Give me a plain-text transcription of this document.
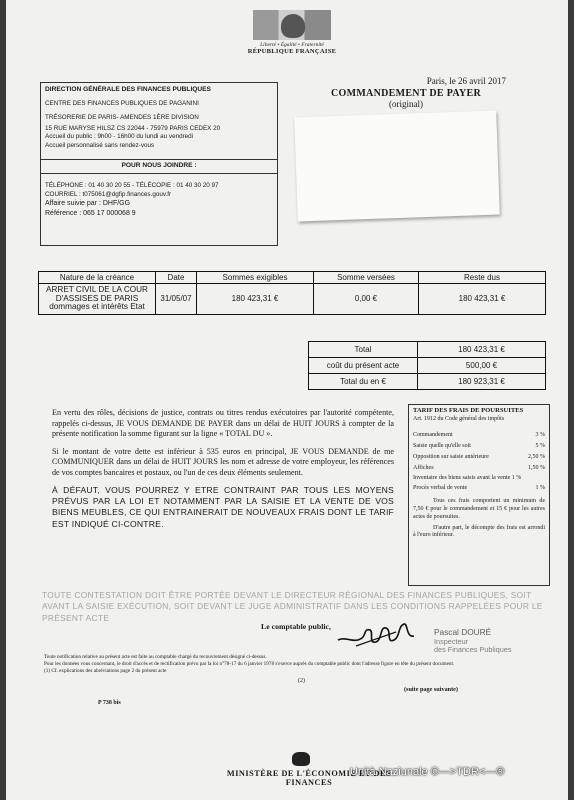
Liberté • Égalité • Fraternité
RÉPUBLIQUE FRANÇAISE
DIRECTION GÉNÉRALE DES FINANCES PUBLIQUES
CENTRE DES FINANCES PUBLIQUES DE PAGANINI
TRÉSORERIE DE PARIS- AMENDES 1ÈRE DIVISION
15 RUE MARYSE HILSZ CS 22044 - 75979 PARIS CEDEX 20
Accueil du public : 9h00 - 16h00 du lundi au vendredi
Accueil personnalisé sans rendez-vous
POUR NOUS JOINDRE :
TÉLÉPHONE : 01 40 30 20 55 - TÉLÉCOPIE : 01 40 30 20 97
COURRIEL : t075061@dgfip.finances.gouv.fr
Affaire suivie par : DHF/GG
Référence : 065 17 000068 9
Paris, le 26 avril 2017
COMMANDEMENT DE PAYER
(original)
Nature de la créance	Date	Sommes exigibles	Somme versées	Reste dus
ARRET CIVIL DE LA COUR D'ASSISES DE PARIS dommages et intérêts Etat	31/05/07	180 423,31 €	0,00 €	180 423,31 €
Total	180 423,31 €
coût du présent acte	500,00 €
Total du en €	180 923,31 €

En vertu des rôles, décisions de justice, contrats ou titres rendus exécutoires par l'autorité compétente, rappelés ci-dessus, JE VOUS DEMANDE DE PAYER dans un délai de HUIT JOURS à compter de la présente notification la somme figurant sur la ligne « TOTAL DU ».

Si le montant de votre dette est inférieur à 535 euros en principal, JE VOUS DEMANDE de me COMMUNIQUER dans un délai de HUIT JOURS les nom et adresse de votre employeur, les références de vos comptes bancaires et postaux, ou l'un de ces deux éléments seulement.

À DÉFAUT, VOUS POURREZ Y ETRE CONTRAINT PAR TOUS LES MOYENS PRÉVUS PAR LA LOI ET NOTAMMENT PAR LA SAISIE ET LA VENTE DE VOS BIENS MEUBLES, CE QUI ENTRAINERAIT DE NOUVEAUX FRAIS DONT LE TARIF EST INDIQUÉ CI-CONTRE.

TARIF DES FRAIS DE POURSUITES
Art. 1912 du Code général des impôts
Commandement	3 %
Saisie quelle qu'elle soit	5 %
Opposition sur saisie antérieure	2,50 %
Affiches	1,50 %
Inventaire des biens saisis avant la vente 1 %
Procès verbal de vente	1 %
Tous ces frais comportent un minimum de 7,50 € pour le commandement et 15 € pour les autres actes de poursuites.
D'autre part, le décompte des frais est arrondi à l'euro inférieur.
TOUTE CONTESTATION DOIT ÊTRE PORTÉE DEVANT LE DIRECTEUR RÉGIONAL DES FINANCES PUBLIQUES, SOIT AVANT LA SAISIE EXÉCUTION, SOIT DEVANT LE JUGE ADMINISTRATIF DANS LES CONDITIONS RAPPELÉES POUR LE PRÉSENT ACTE
Le comptable public,
Pascal DOURÉ
Inspecteur
des Finances Publiques
Toute notification relative au présent acte est faite au comptable chargé du recouvrement désigné ci-dessus.
Pour les données vous concernant, le droit d'accès et de rectification prévu par la loi n°78-17 du 6 janvier 1978 s'exerce auprès du comptable public dont l'adresse figure en tête du présent document.
(1) Cf. explications des abréviations page 2 du présent acte
(2)
(suite page suivante)
P 738 bis
MINISTÈRE DE L'ÉCONOMIE ET DES FINANCES
Unità Naziunale ©—>TDR<—®
